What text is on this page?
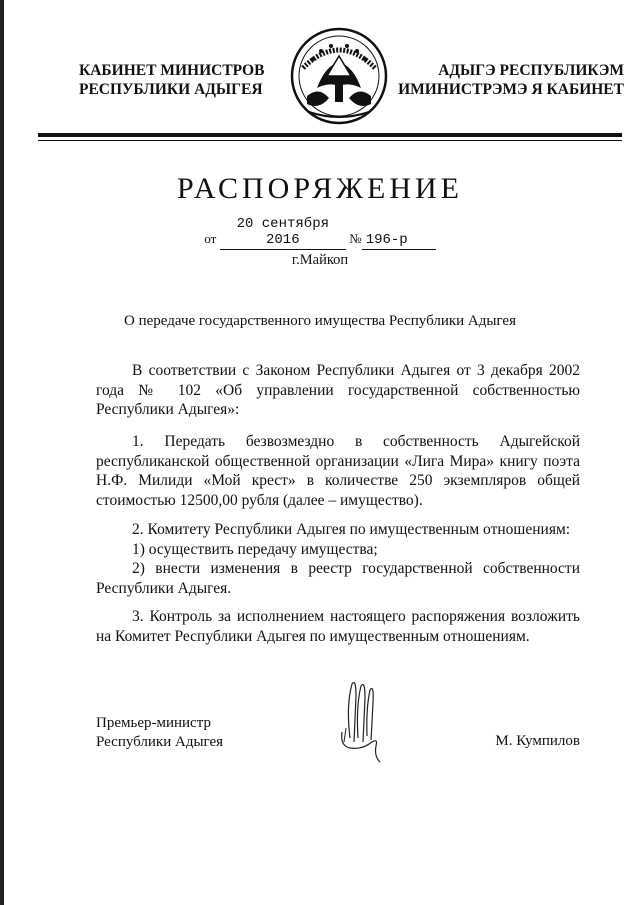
КАБИНЕТ МИНИСТРОВ
РЕСПУБЛИКИ АДЫГЕЯ
АДЫГЭ РЕСПУБЛИКЭМ
ИМИНИСТРЭМЭ Я КАБИНЕТ
РАСПОРЯЖЕНИЕ
от 20 сентября 2016	№ 196-р
г.Майкоп
О передаче государственного имущества Республики Адыгея

В соответствии с Законом Республики Адыгея от 3 декабря 2002 года № 102 «Об управлении государственной собственностью Республики Адыгея»:

1. Передать безвозмездно в собственность Адыгейской республиканской общественной организации «Лига Мира» книгу поэта Н.Ф. Милиди «Мой крест» в количестве 250 экземпляров общей стоимостью 12500,00 рубля (далее – имущество).

2. Комитету Республики Адыгея по имущественным отношениям:

1) осуществить передачу имущества;

2) внести изменения в реестр государственной собственности Республики Адыгея.

3. Контроль за исполнением настоящего распоряжения возложить на Комитет Республики Адыгея по имущественным отношениям.

Премьер-министр
Республики Адыгея	М. Кумпилов
